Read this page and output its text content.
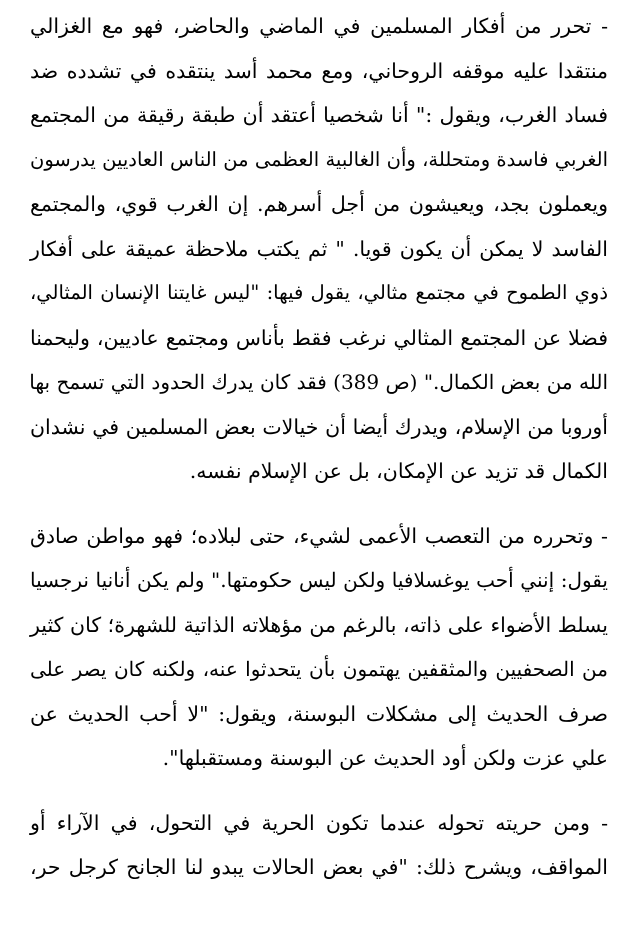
- تحرر من أفكار المسلمين في الماضي والحاضر، فهو مع الغزالي
منتقدا عليه موقفه الروحاني، ومع محمد أسد ينتقده في تشدده ضد
فساد الغرب، ويقول :" أنا شخصيا أعتقد أن طبقة رقيقة من المجتمع
الغربي فاسدة ومتحللة، وأن الغالبية العظمى من الناس العاديين يدرسون
ويعملون بجد، ويعيشون من أجل أسرهم. إن الغرب قوي، والمجتمع
الفاسد لا يمكن أن يكون قويا. " ثم يكتب ملاحظة عميقة على أفكار
ذوي الطموح في مجتمع مثالي، يقول فيها: "ليس غايتنا الإنسان المثالي،
فضلا عن المجتمع المثالي نرغب فقط بأناس ومجتمع عاديين، وليحمنا
الله من بعض الكمال." (ص 389) فقد كان يدرك الحدود التي تسمح بها
أوروبا من الإسلام، ويدرك أيضا أن خيالات بعض المسلمين في نشدان
الكمال قد تزيد عن الإمكان، بل عن الإسلام نفسه.

- وتحرره من التعصب الأعمى لشيء، حتى لبلاده؛ فهو مواطن صادق
يقول: إنني أحب يوغسلافيا ولكن ليس حكومتها." ولم يكن أنانيا نرجسيا
يسلط الأضواء على ذاته، بالرغم من مؤهلاته الذاتية للشهرة؛ كان كثير
من الصحفيين والمثقفين يهتمون بأن يتحدثوا عنه، ولكنه كان يصر على
صرف الحديث إلى مشكلات البوسنة، ويقول: "لا أحب الحديث عن
علي عزت ولكن أود الحديث عن البوسنة ومستقبلها".

- ومن حريته تحوله عندما تكون الحرية في التحول، في الآراء أو
المواقف، ويشرح ذلك: "في بعض الحالات يبدو لنا الجانح كرجل حر،
